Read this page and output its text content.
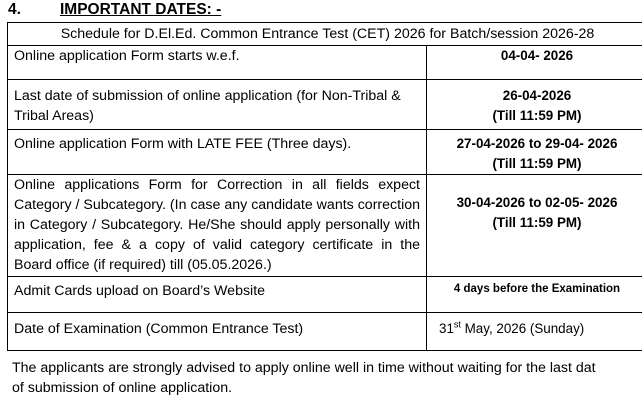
4.	IMPORTANT DATES: -
Schedule for D.El.Ed. Common Entrance Test (CET) 2026 for Batch/session 2026-28	
Online application Form starts w.e.f.	04-04- 2026

Last date of submission of online application (for Non-Tribal & Tribal Areas)	26-04-2026
(Till 11:59 PM)

Online application Form with LATE FEE (Three days).	27-04-2026 to 29-04- 2026
(Till 11:59 PM)

Online applications Form for Correction in all fields expect Category / Subcategory. (In case any candidate wants correction in Category / Subcategory. He/She should apply personally with application, fee & a copy of valid category certificate in the Board office (if required) till (05.05.2026.)	30-04-2026 to 02-05- 2026
(Till 11:59 PM)

Admit Cards upload on Board’s Website	4 days before the Examination

Date of Examination (Common Entrance Test)	31st May, 2026 (Sunday)
The applicants are strongly advised to apply online well in time without waiting for the last dat
of submission of online application.
